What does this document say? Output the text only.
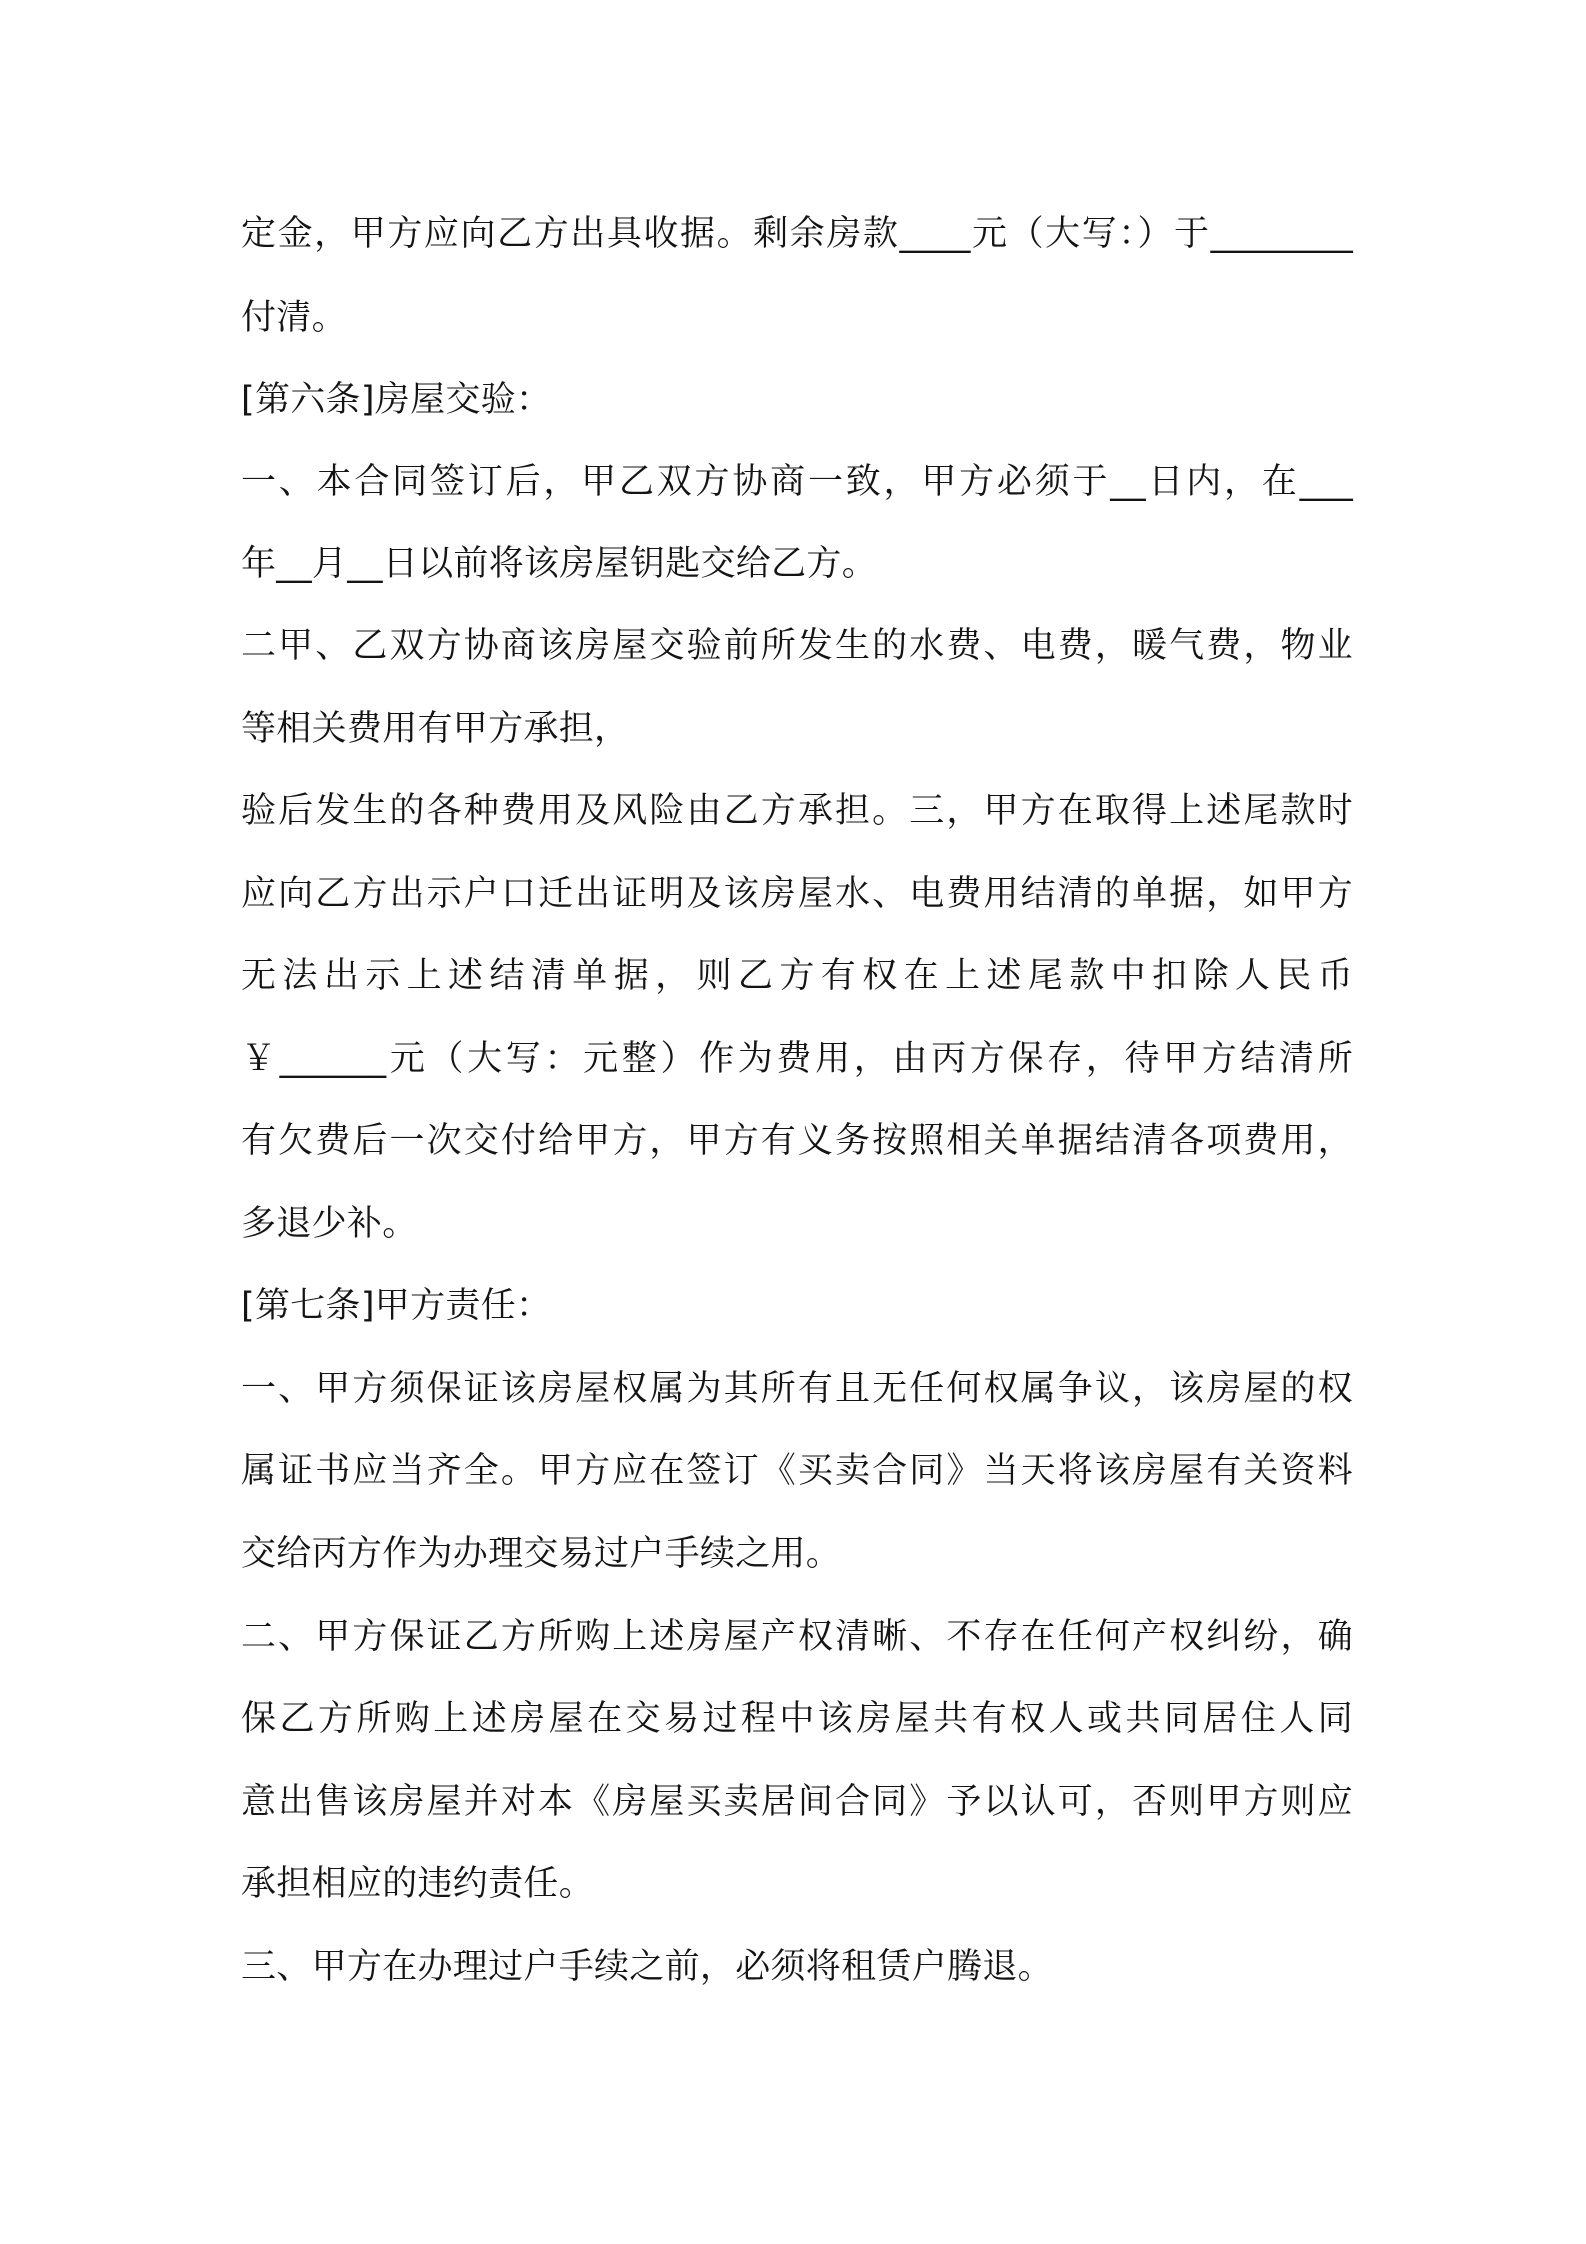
定金，甲方应向乙方出具收据。剩余房款____元（大写：）于________
付清。
[第六条]房屋交验：
一、本合同签订后，甲乙双方协商一致，甲方必须于__日内，在___
年__月__日以前将该房屋钥匙交给乙方。
二甲、乙双方协商该房屋交验前所发生的水费、电费，暖气费，物业
等相关费用有甲方承担，
验后发生的各种费用及风险由乙方承担。三，甲方在取得上述尾款时
应向乙方出示户口迁出证明及该房屋水、电费用结清的单据，如甲方
无法出示上述结清单据，则乙方有权在上述尾款中扣除人民币
￥______元（大写：元整）作为费用，由丙方保存，待甲方结清所
有欠费后一次交付给甲方，甲方有义务按照相关单据结清各项费用，
多退少补。
[第七条]甲方责任：
一、甲方须保证该房屋权属为其所有且无任何权属争议，该房屋的权
属证书应当齐全。甲方应在签订《买卖合同》当天将该房屋有关资料
交给丙方作为办理交易过户手续之用。
二、甲方保证乙方所购上述房屋产权清晰、不存在任何产权纠纷，确
保乙方所购上述房屋在交易过程中该房屋共有权人或共同居住人同
意出售该房屋并对本《房屋买卖居间合同》予以认可，否则甲方则应
承担相应的违约责任。
三、甲方在办理过户手续之前，必须将租赁户腾退。
